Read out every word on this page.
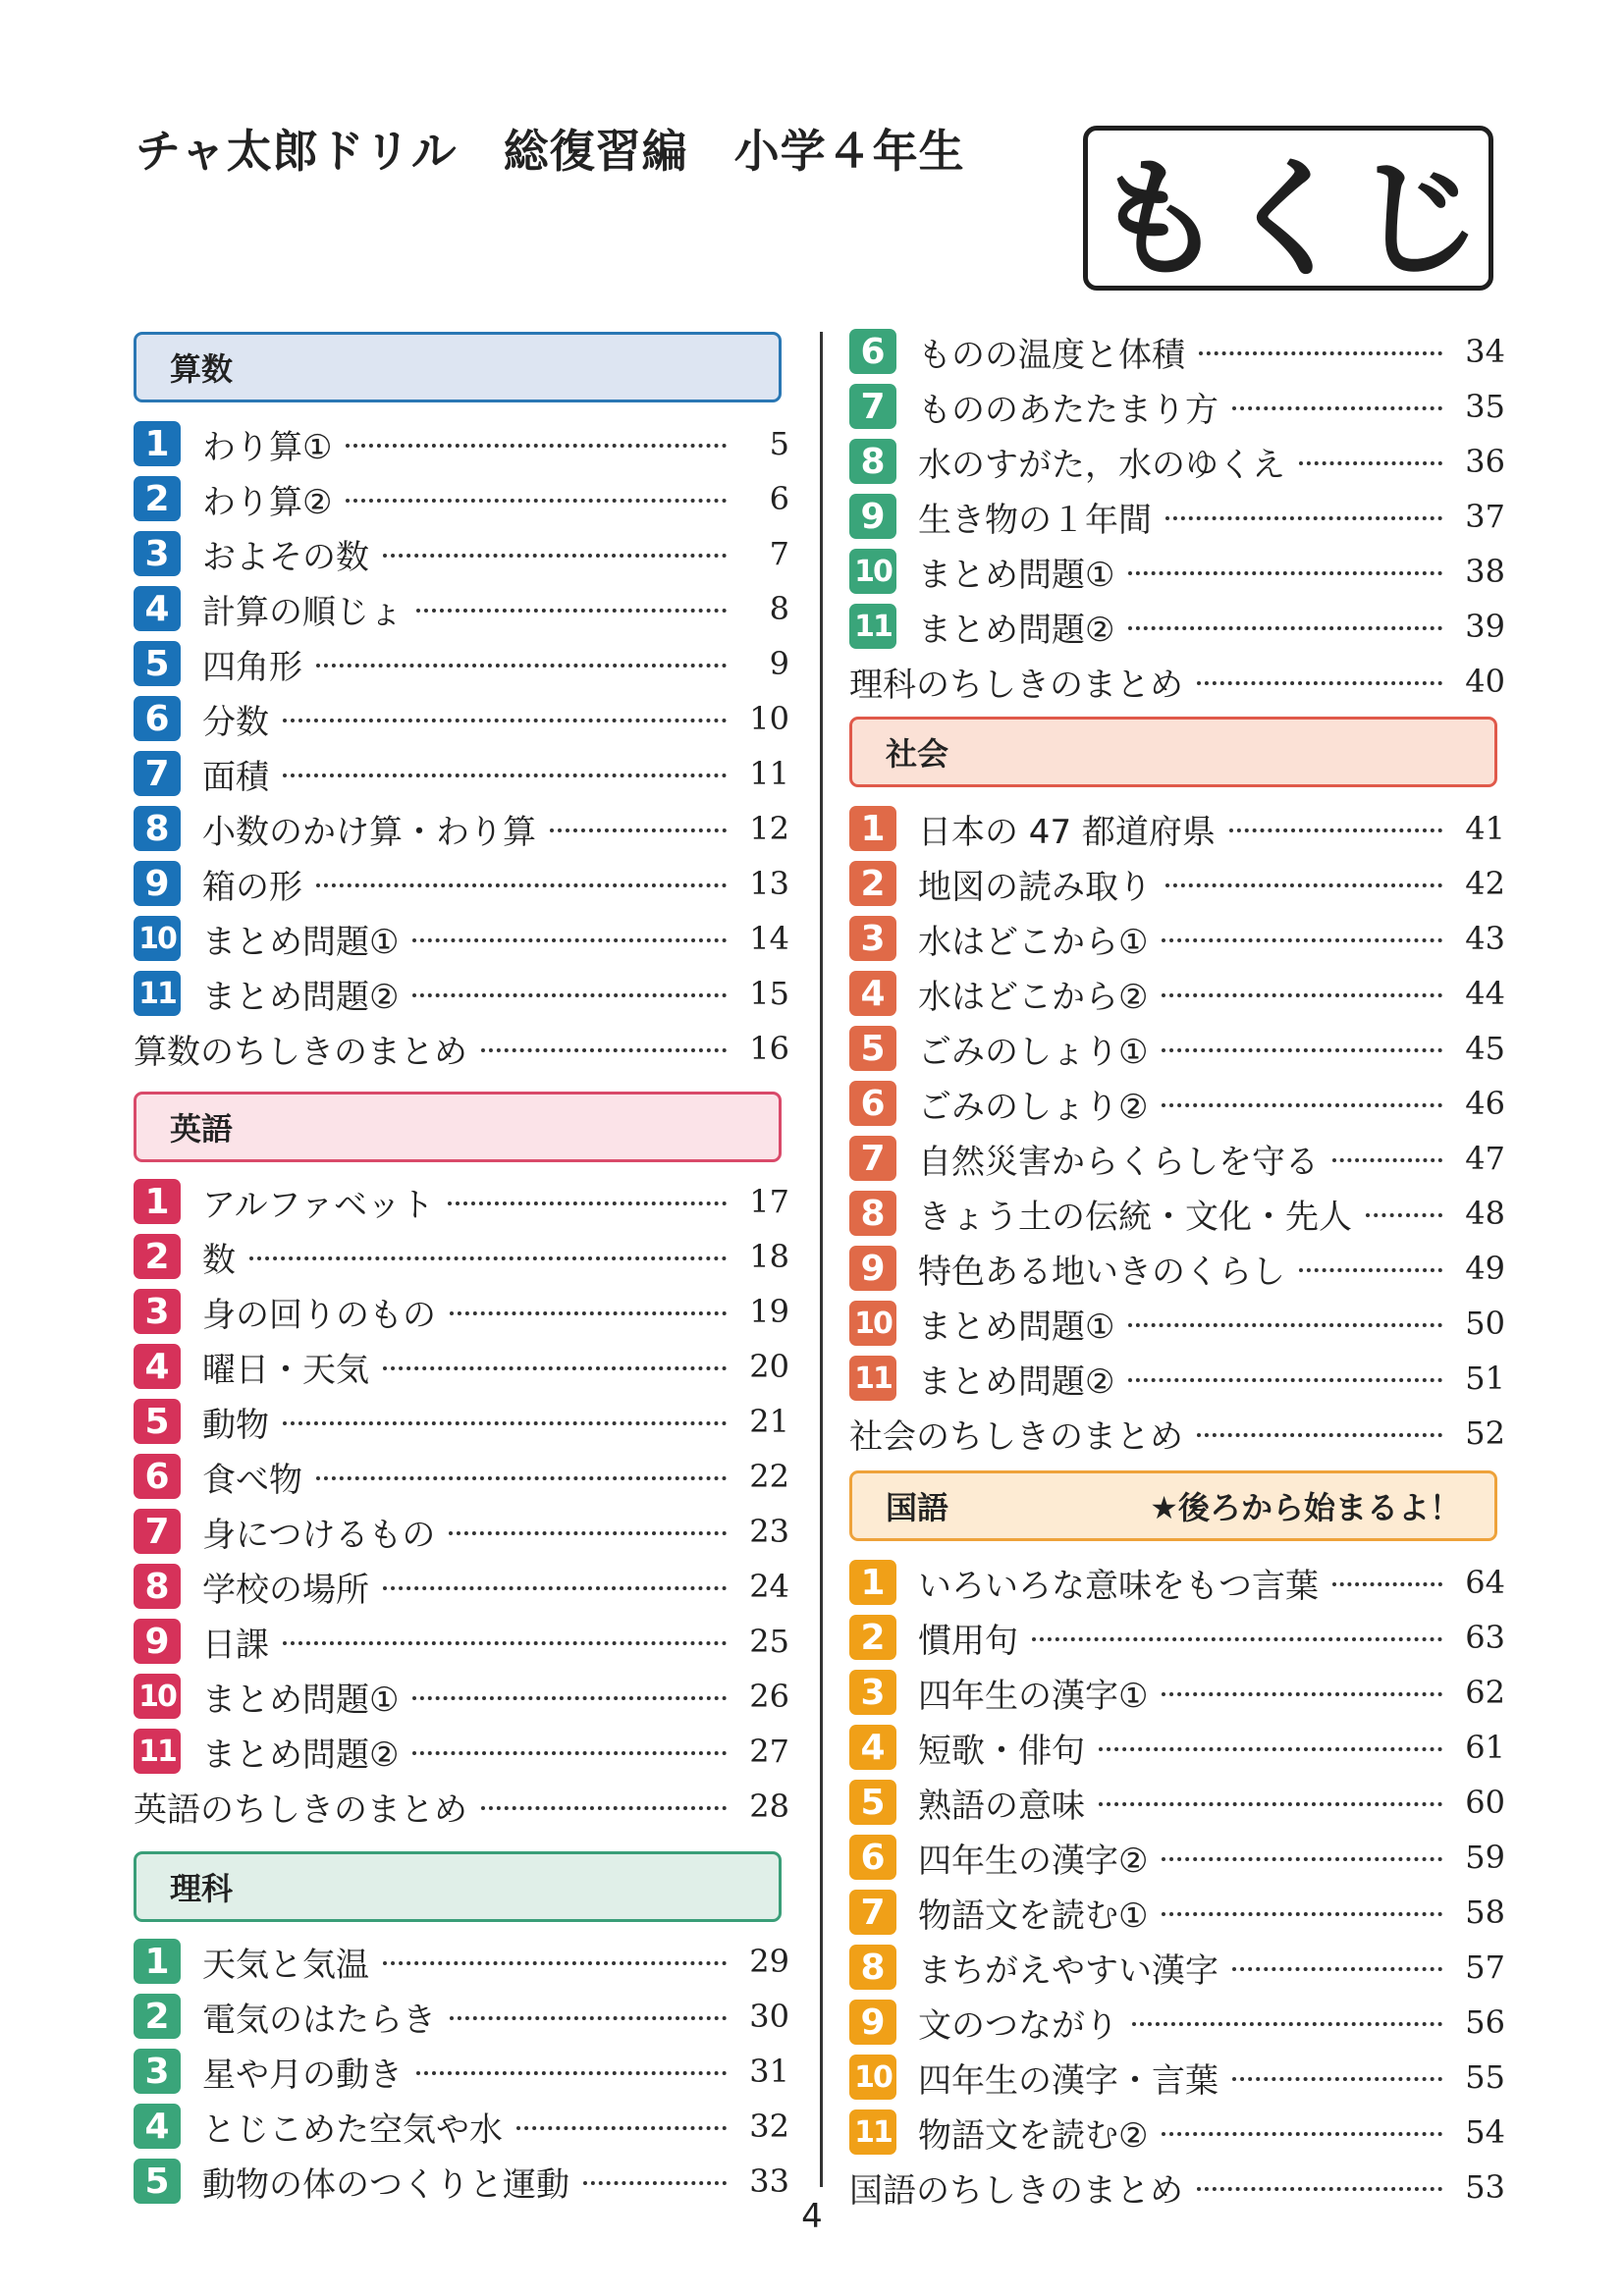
チャ太郎ドリル　総復習編　小学４年生 もくじ
算数
1 わり算①	5
2 わり算②	6
3 およその数	7
4 計算の順じょ	8
5 四角形	9
6 分数	10
7 面積	11
8 小数のかけ算・わり算	12
9 箱の形	13
10 まとめ問題①	14
11 まとめ問題②	15
算数のちしきのまとめ	16
英語
1 アルファベット	17
2 数	18
3 身の回りのもの	19
4 曜日・天気	20
5 動物	21
6 食べ物	22
7 身につけるもの	23
8 学校の場所	24
9 日課	25
10 まとめ問題①	26
11 まとめ問題②	27
英語のちしきのまとめ	28
理科
1 天気と気温	29
2 電気のはたらき	30
3 星や月の動き	31
4 とじこめた空気や水	32
5 動物の体のつくりと運動	33
6 ものの温度と体積	34
7 もののあたたまり方	35
8 水のすがた，水のゆくえ	36
9 生き物の１年間	37
10 まとめ問題①	38
11 まとめ問題②	39
理科のちしきのまとめ	40
社会
1 日本の 47 都道府県	41
2 地図の読み取り	42
3 水はどこから①	43
4 水はどこから②	44
5 ごみのしょり①	45
6 ごみのしょり②	46
7 自然災害からくらしを守る	47
8 きょう土の伝統・文化・先人	48
9 特色ある地いきのくらし	49
10 まとめ問題①	50
11 まとめ問題②	51
社会のちしきのまとめ	52
国語	★後ろから始まるよ！
1 いろいろな意味をもつ言葉	64
2 慣用句	63
3 四年生の漢字①	62
4 短歌・俳句	61
5 熟語の意味	60
6 四年生の漢字②	59
7 物語文を読む①	58
8 まちがえやすい漢字	57
9 文のつながり	56
10 四年生の漢字・言葉	55
11 物語文を読む②	54
国語のちしきのまとめ	53
4
